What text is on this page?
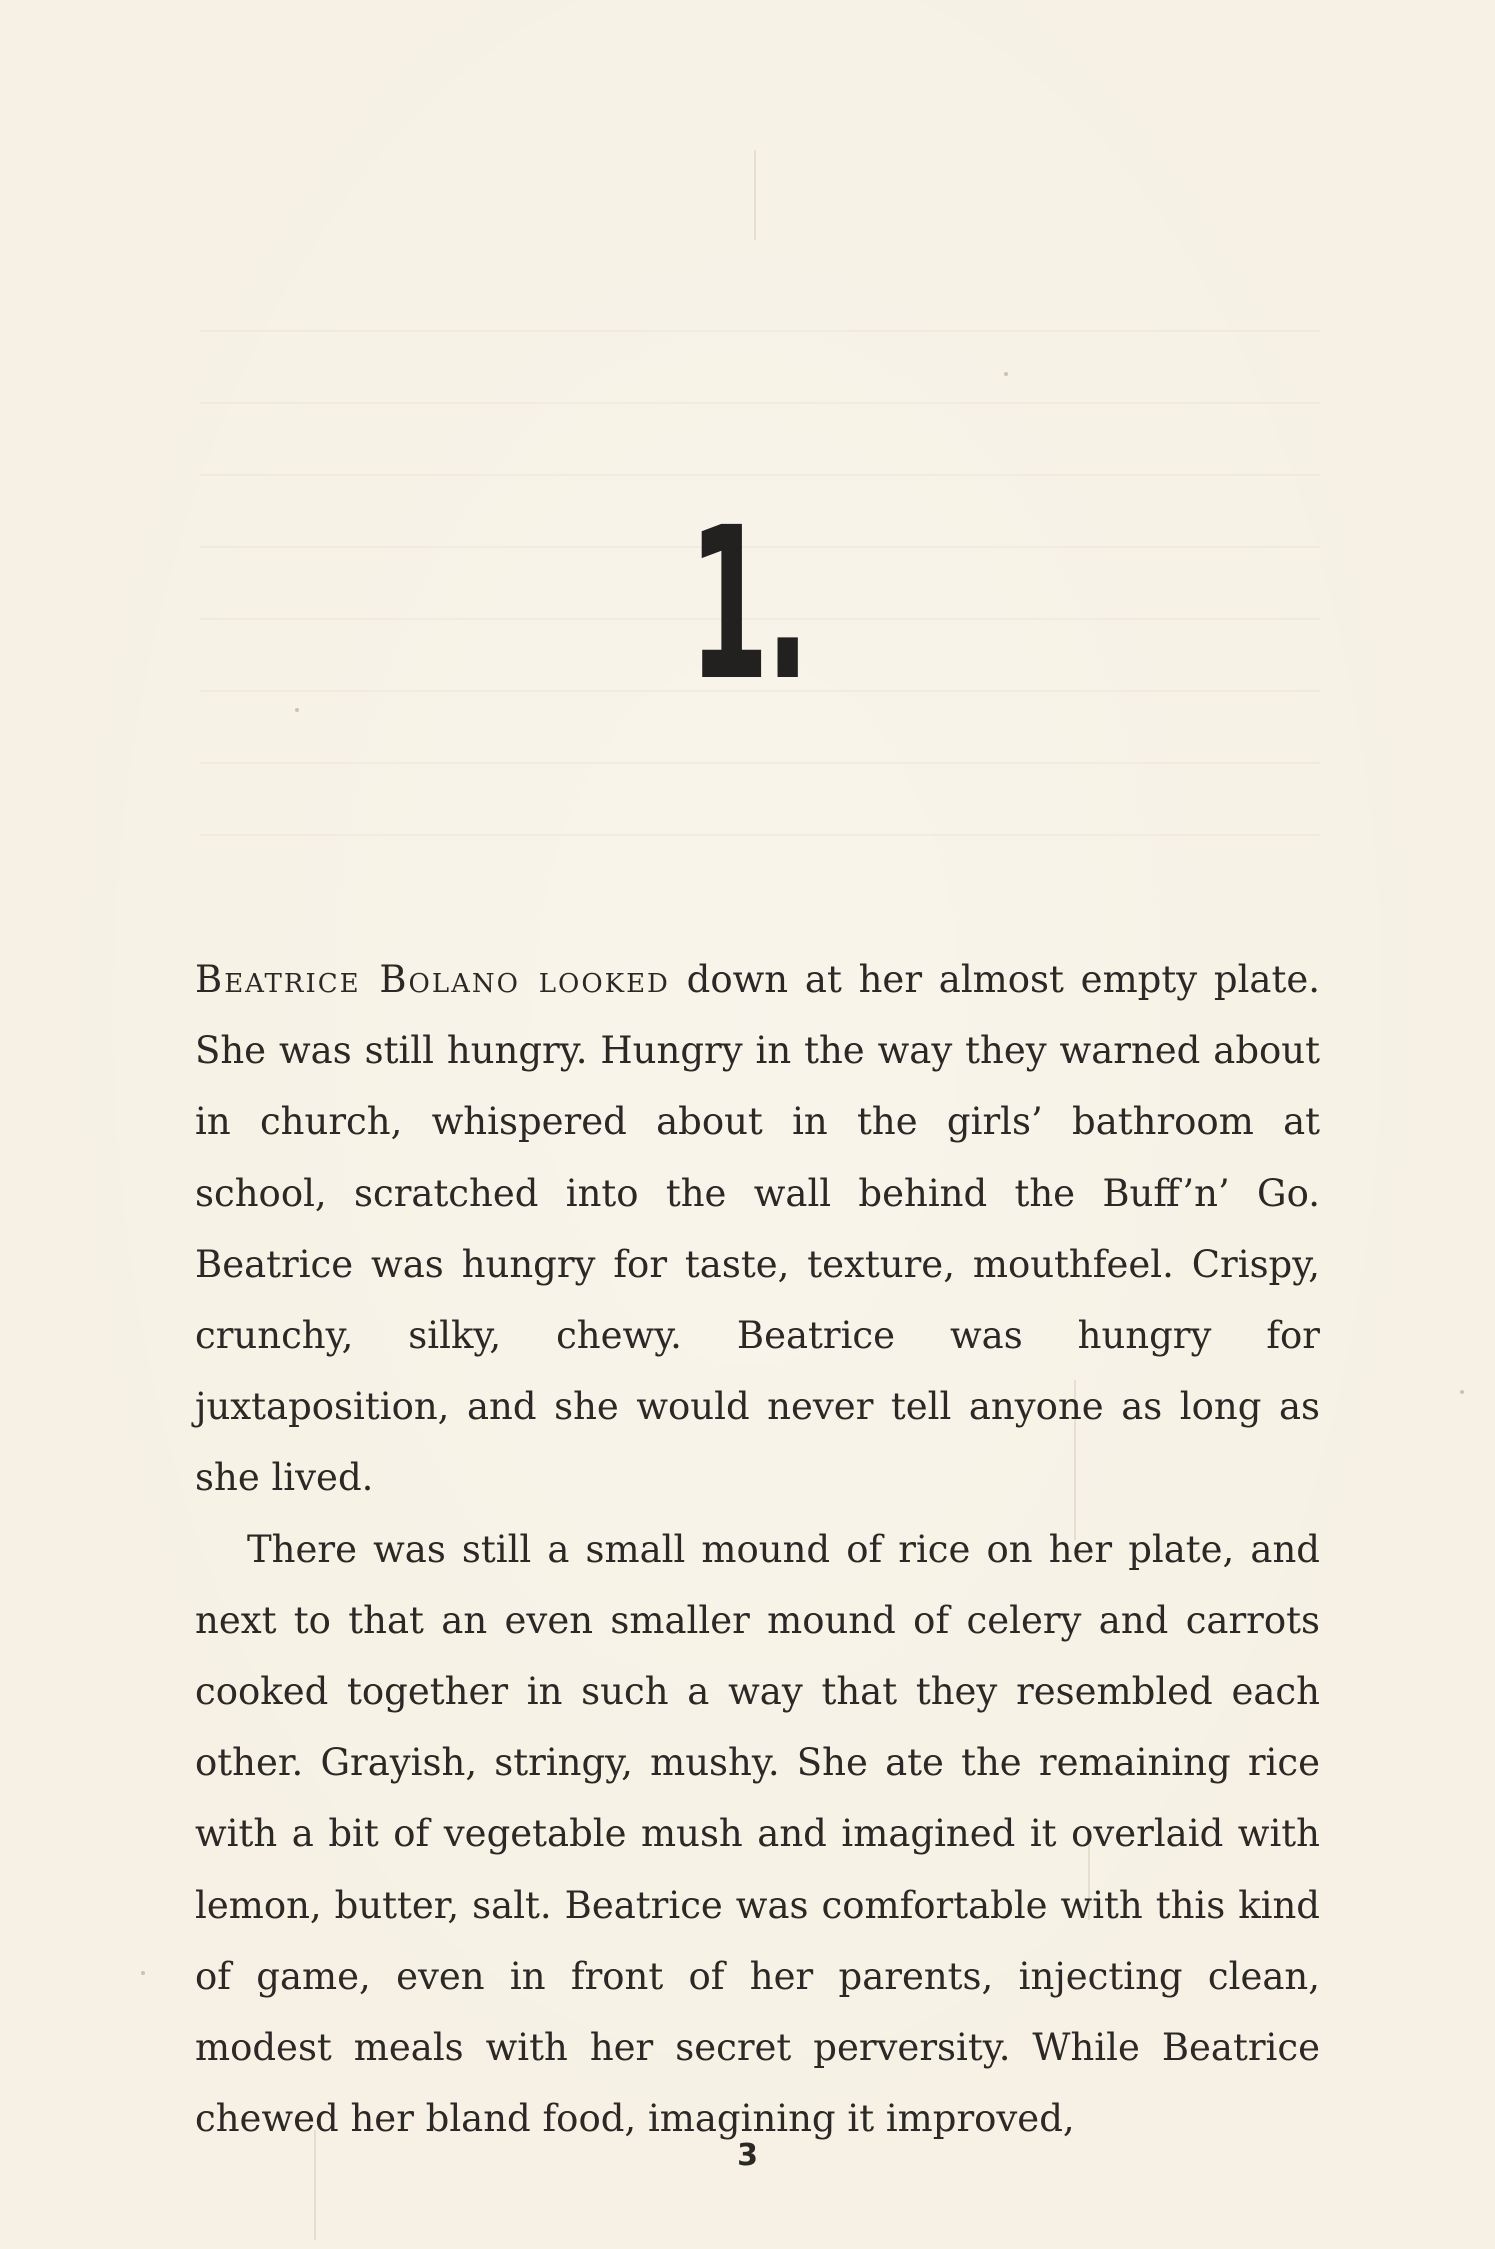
1.

Beatrice Bolano looked down at her almost empty plate. She was still hungry. Hungry in the way they warned about in church, whispered about in the girls’ bathroom at school, scratched into the wall behind the Buff’n’ Go. Beatrice was hungry for taste, texture, mouthfeel. Crispy, crunchy, silky, chewy. Beatrice was hungry for juxtaposition, and she would never tell anyone as long as she lived.

There was still a small mound of rice on her plate, and next to that an even smaller mound of celery and carrots cooked together in such a way that they resembled each other. Grayish, stringy, mushy. She ate the remaining rice with a bit of vegetable mush and imagined it overlaid with lemon, butter, salt. Beatrice was comfortable with this kind of game, even in front of her parents, injecting clean, modest meals with her secret perversity. While Beatrice chewed her bland food, imagining it improved,

3
